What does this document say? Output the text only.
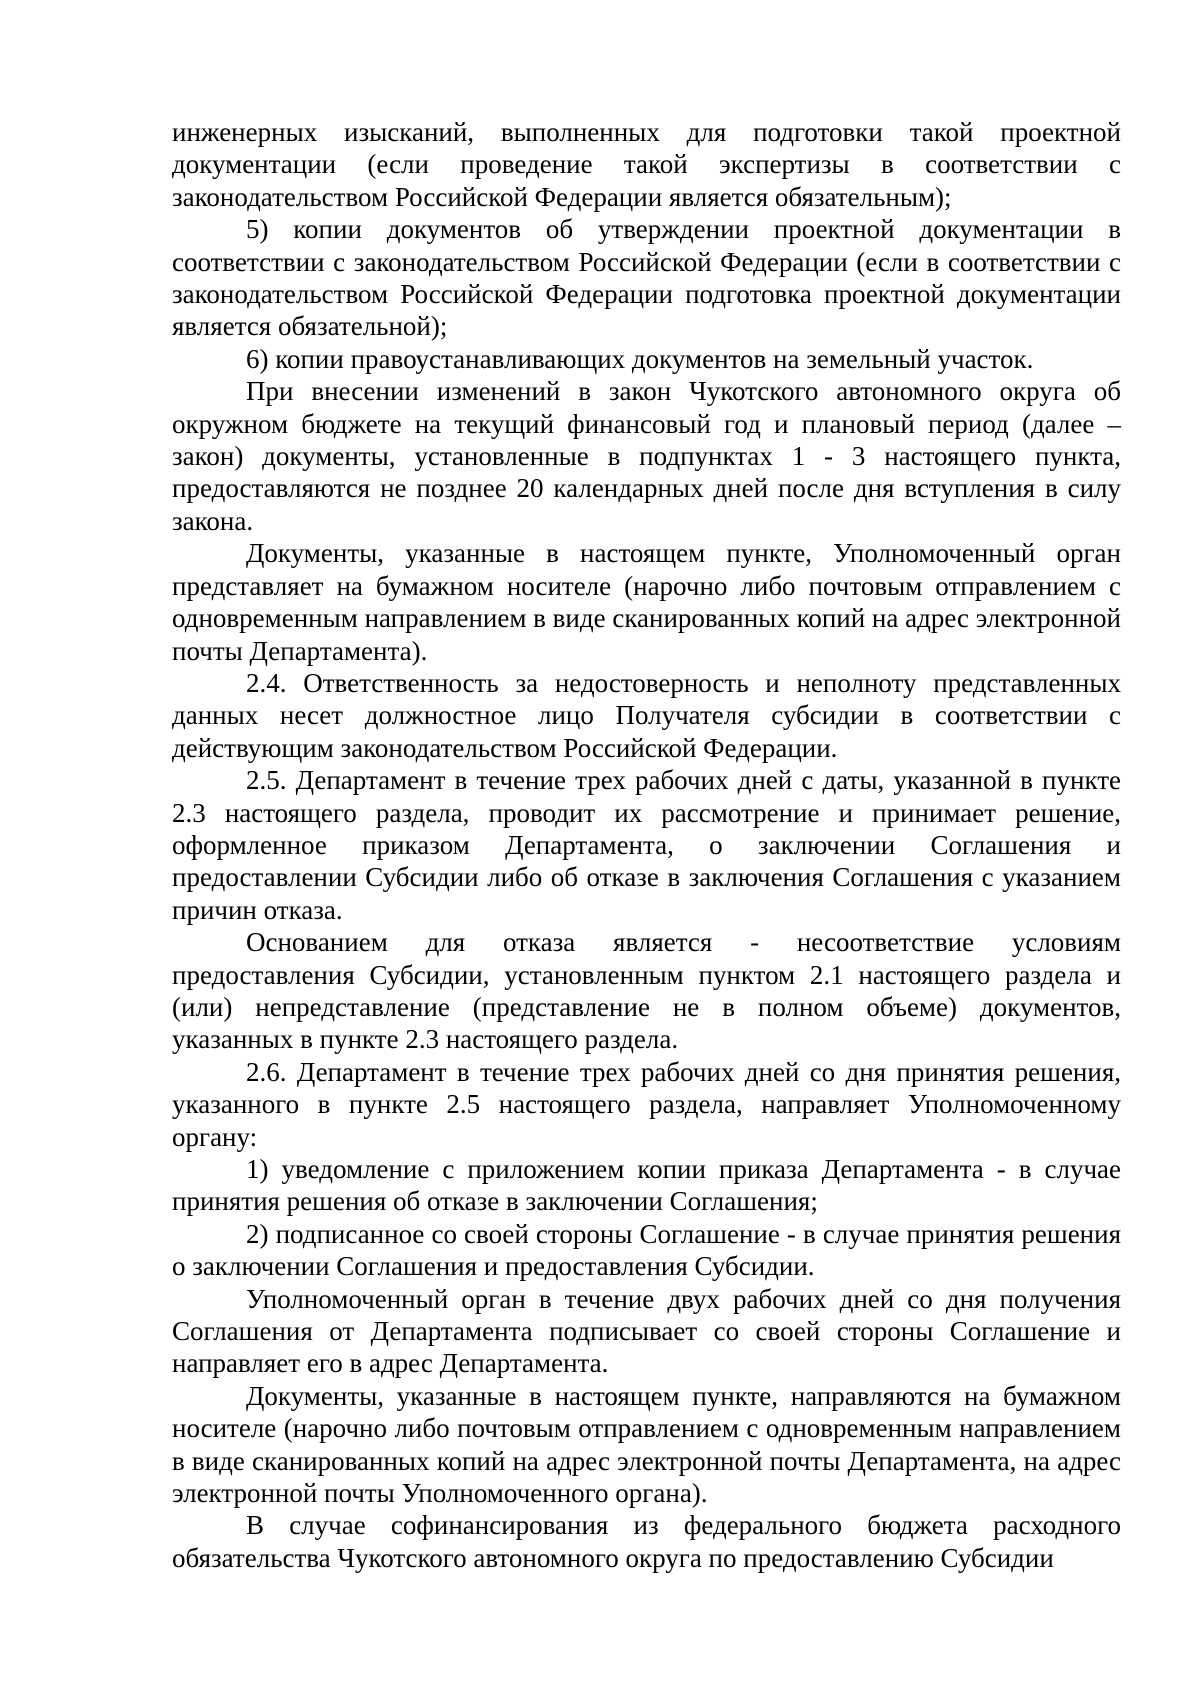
инженерных изысканий, выполненных для подготовки такой проектной документации (если проведение такой экспертизы в соответствии с законодательством Российской Федерации является обязательным);

5) копии документов об утверждении проектной документации в соответствии с законодательством Российской Федерации (если в соответствии с законодательством Российской Федерации подготовка проектной документации является обязательной);

6) копии правоустанавливающих документов на земельный участок.

При внесении изменений в закон Чукотского автономного округа об окружном бюджете на текущий финансовый год и плановый период (далее – закон) документы, установленные в подпунктах 1 - 3 настоящего пункта, предоставляются не позднее 20 календарных дней после дня вступления в силу закона.

Документы, указанные в настоящем пункте, Уполномоченный орган представляет на бумажном носителе (нарочно либо почтовым отправлением с одновременным направлением в виде сканированных копий на адрес электронной почты Департамента).

2.4. Ответственность за недостоверность и неполноту представленных данных несет должностное лицо Получателя субсидии в соответствии с действующим законодательством Российской Федерации.

2.5. Департамент в течение трех рабочих дней с даты, указанной в пункте 2.3 настоящего раздела, проводит их рассмотрение и принимает решение, оформленное приказом Департамента, о заключении Соглашения и предоставлении Субсидии либо об отказе в заключения Соглашения с указанием причин отказа.

Основанием для отказа является - несоответствие условиям предоставления Субсидии, установленным пунктом 2.1 настоящего раздела и (или) непредставление (представление не в полном объеме) документов, указанных в пункте 2.3 настоящего раздела.

2.6. Департамент в течение трех рабочих дней со дня принятия решения, указанного в пункте 2.5 настоящего раздела, направляет Уполномоченному органу:

1) уведомление с приложением копии приказа Департамента - в случае принятия решения об отказе в заключении Соглашения;

2) подписанное со своей стороны Соглашение - в случае принятия решения о заключении Соглашения и предоставления Субсидии.

Уполномоченный орган в течение двух рабочих дней со дня получения Соглашения от Департамента подписывает со своей стороны Соглашение и направляет его в адрес Департамента.

Документы, указанные в настоящем пункте, направляются на бумажном носителе (нарочно либо почтовым отправлением с одновременным направлением в виде сканированных копий на адрес электронной почты Департамента, на адрес электронной почты Уполномоченного органа).

В случае софинансирования из федерального бюджета расходного обязательства Чукотского автономного округа по предоставлению Субсидии
